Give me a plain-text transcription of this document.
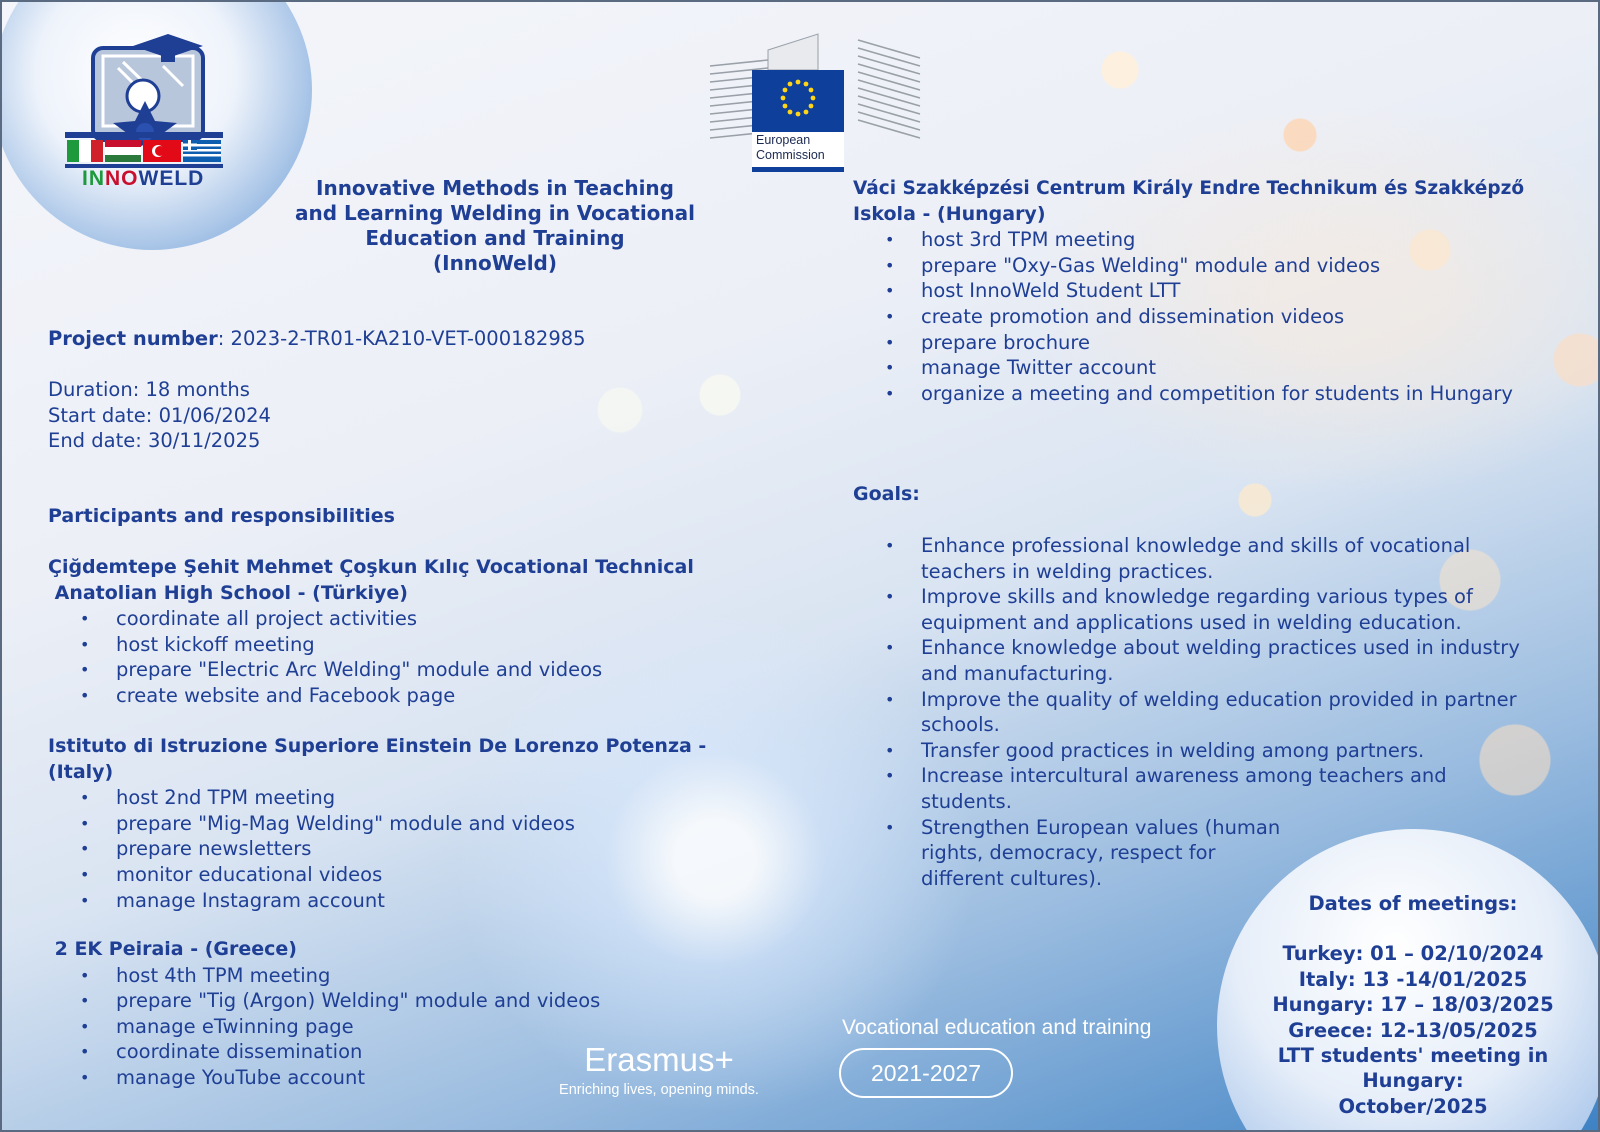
INNOWELD
European
Commission
Innovative Methods in Teaching
and Learning Welding in Vocational
Education and Training
(InnoWeld)
Project number: 2023-2-TR01-KA210-VET-000182985
Duration: 18 months
Start date: 01/06/2024
End date: 30/11/2025
Participants and responsibilities
Çiğdemtepe Şehit Mehmet Çoşkun Kılıç Vocational Technical
Anatolian High School - (Türkiye)
• coordinate all project activities
• host kickoff meeting
• prepare "Electric Arc Welding" module and videos
• create website and Facebook page
Istituto di Istruzione Superiore Einstein De Lorenzo Potenza -
(Italy)
• host 2nd TPM meeting
• prepare "Mig-Mag Welding" module and videos
• prepare newsletters
• monitor educational videos
• manage Instagram account
2 EK Peiraia - (Greece)
• host 4th TPM meeting
• prepare "Tig (Argon) Welding" module and videos
• manage eTwinning page
• coordinate dissemination
• manage YouTube account
Váci Szakképzési Centrum Király Endre Technikum és Szakképző
Iskola - (Hungary)
• host 3rd TPM meeting
• prepare "Oxy-Gas Welding" module and videos
• host InnoWeld Student LTT
• create promotion and dissemination videos
• prepare brochure
• manage Twitter account
• organize a meeting and competition for students in Hungary
Goals:
• Enhance professional knowledge and skills of vocational
teachers in welding practices.
• Improve skills and knowledge regarding various types of
equipment and applications used in welding education.
• Enhance knowledge about welding practices used in industry
and manufacturing.
• Improve the quality of welding education provided in partner
schools.
• Transfer good practices in welding among partners.
• Increase intercultural awareness among teachers and
students.
• Strengthen European values (human
rights, democracy, respect for
different cultures).
Erasmus+
Enriching lives, opening minds.
Vocational education and training
2021-2027
Dates of meetings:
Turkey: 01 – 02/10/2024
Italy: 13 -14/01/2025
Hungary: 17 – 18/03/2025
Greece: 12-13/05/2025
LTT students' meeting in
Hungary:
October/2025
